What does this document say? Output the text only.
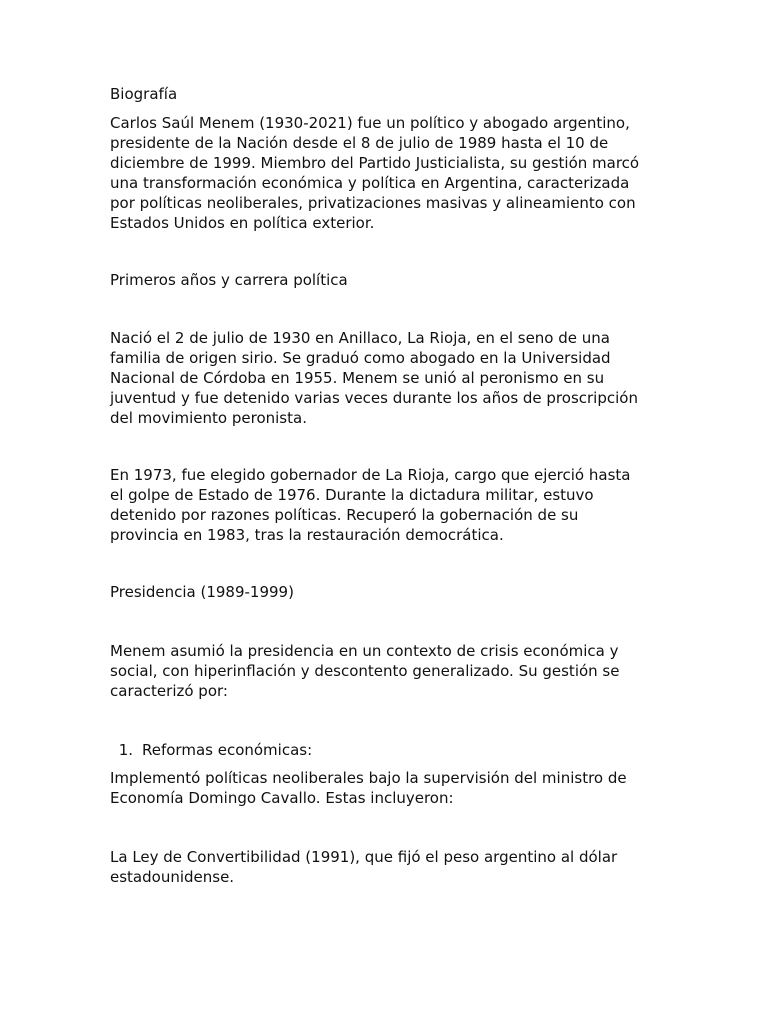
Biografía
Carlos Saúl Menem (1930-2021) fue un político y abogado argentino,
presidente de la Nación desde el 8 de julio de 1989 hasta el 10 de
diciembre de 1999. Miembro del Partido Justicialista, su gestión marcó
una transformación económica y política en Argentina, caracterizada
por políticas neoliberales, privatizaciones masivas y alineamiento con
Estados Unidos en política exterior.
Primeros años y carrera política
Nació el 2 de julio de 1930 en Anillaco, La Rioja, en el seno de una
familia de origen sirio. Se graduó como abogado en la Universidad
Nacional de Córdoba en 1955. Menem se unió al peronismo en su
juventud y fue detenido varias veces durante los años de proscripción
del movimiento peronista.
En 1973, fue elegido gobernador de La Rioja, cargo que ejerció hasta
el golpe de Estado de 1976. Durante la dictadura militar, estuvo
detenido por razones políticas. Recuperó la gobernación de su
provincia en 1983, tras la restauración democrática.
Presidencia (1989-1999)
Menem asumió la presidencia en un contexto de crisis económica y
social, con hiperinflación y descontento generalizado. Su gestión se
caracterizó por:
1. Reformas económicas:
Implementó políticas neoliberales bajo la supervisión del ministro de
Economía Domingo Cavallo. Estas incluyeron:
La Ley de Convertibilidad (1991), que fijó el peso argentino al dólar
estadounidense.
